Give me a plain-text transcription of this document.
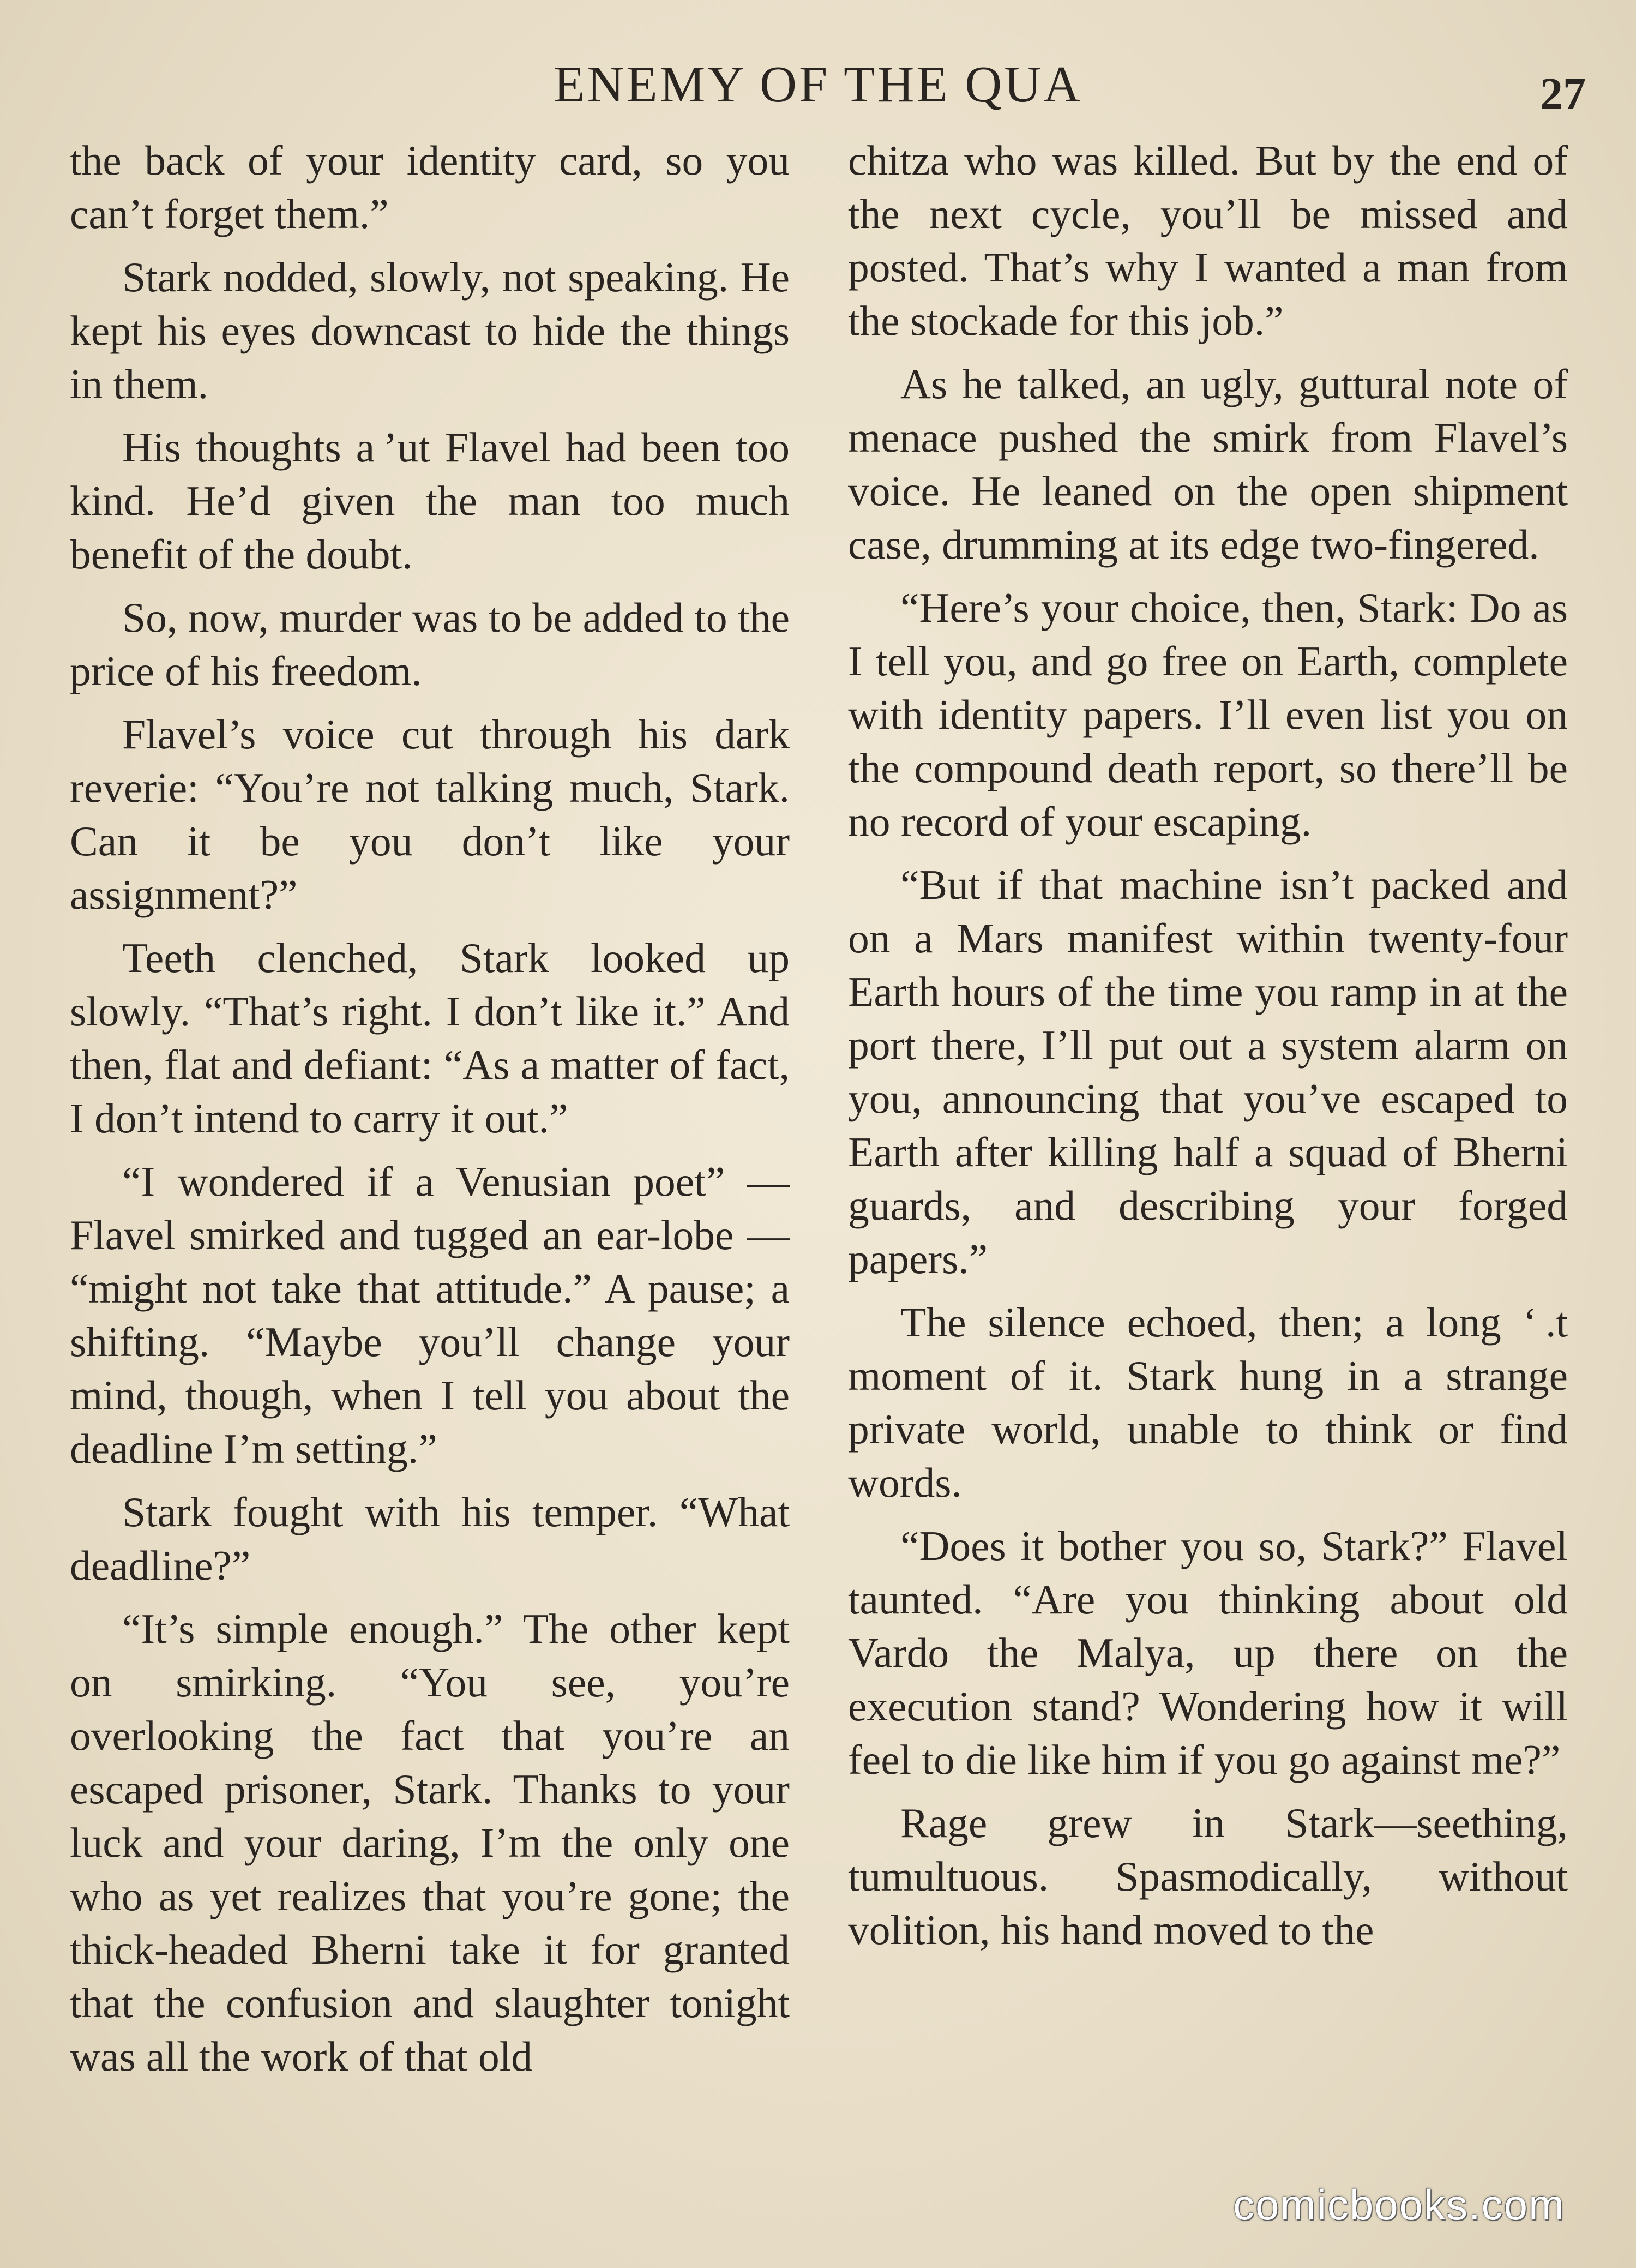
ENEMY OF THE QUA	27

the back of your identity card, so you can’t forget them.”

Stark nodded, slowly, not speaking. He kept his eyes downcast to hide the things in them.

His thoughts a ʼut Flavel had been too kind. He’d given the man too much benefit of the doubt.

So, now, murder was to be added to the price of his freedom.

Flavel’s voice cut through his dark reverie: “You’re not talking much, Stark. Can it be you don’t like your assignment?”

Teeth clenched, Stark looked up slowly. “That’s right. I don’t like it.” And then, flat and defiant: “As a matter of fact, I don’t intend to carry it out.”

“I wondered if a Venusian poet” —Flavel smirked and tugged an ear-lobe — “might not take that attitude.” A pause; a shifting. “Maybe you’ll change your mind, though, when I tell you about the deadline I’m setting.”

Stark fought with his temper. “What deadline?”

“It’s simple enough.” The other kept on smirking. “You see, you’re overlooking the fact that you’re an escaped prisoner, Stark. Thanks to your luck and your daring, I’m the only one who as yet realizes that you’re gone; the thick-headed Bherni take it for granted that the confusion and slaughter tonight was all the work of that old

chitza who was killed. But by the end of the next cycle, you’ll be missed and posted. That’s why I wanted a man from the stockade for this job.”

As he talked, an ugly, guttural note of menace pushed the smirk from Flavel’s voice. He leaned on the open shipment case, drumming at its edge two-fingered.

“Here’s your choice, then, Stark: Do as I tell you, and go free on Earth, complete with identity papers. I’ll even list you on the compound death report, so there’ll be no record of your escaping.

“But if that machine isn’t packed and on a Mars manifest within twenty-four Earth hours of the time you ramp in at the port there, I’ll put out a system alarm on you, announcing that you’ve escaped to Earth after killing half a squad of Bherni guards, and describing your forged papers.”

The silence echoed, then; a long ʻ .t moment of it. Stark hung in a strange private world, unable to think or find words.

“Does it bother you so, Stark?” Flavel taunted. “Are you thinking about old Vardo the Malya, up there on the execution stand? Wondering how it will feel to die like him if you go against me?”

Rage grew in Stark—seething, tumultuous. Spasmodically, without volition, his hand moved to the

comicbooks.com
